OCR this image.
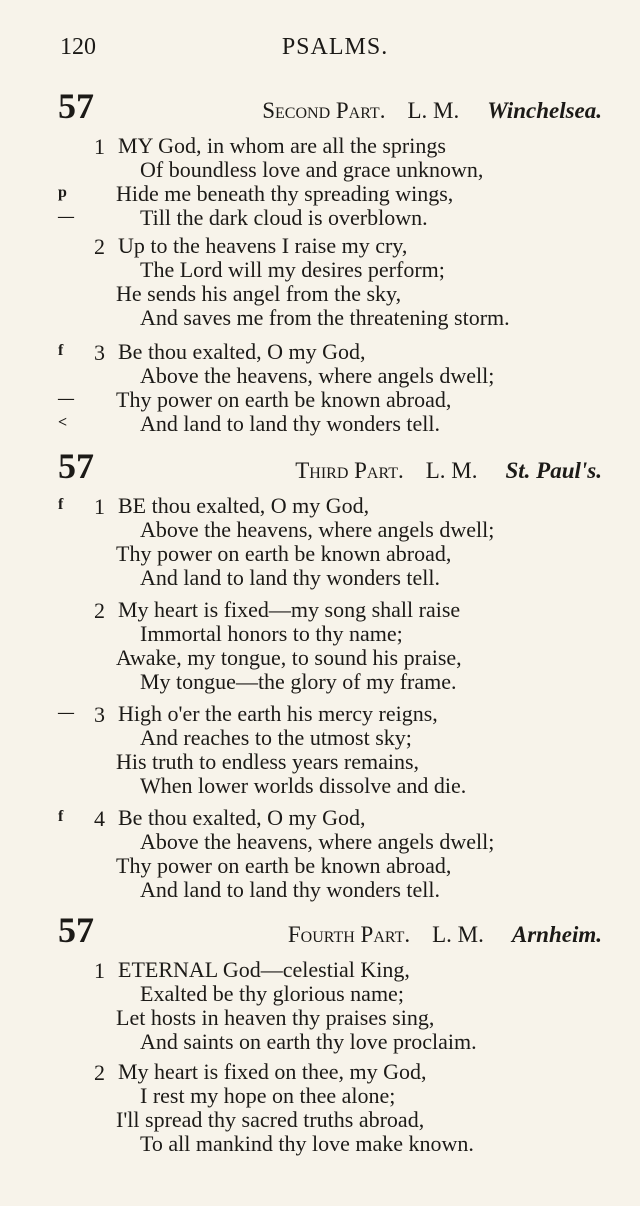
120	PSALMS.
57	Second Part. L. M. Winchelsea.
1 MY God, in whom are all the springs
Of boundless love and grace unknown,
Hide me beneath thy spreading wings,
p
Till the dark cloud is overblown.
—
2 Up to the heavens I raise my cry,
The Lord will my desires perform;
He sends his angel from the sky,
And saves me from the threatening storm.
f 3 Be thou exalted, O my God,
Above the heavens, where angels dwell;
Thy power on earth be known abroad,
—
And land to land thy wonders tell.
<
57	Third Part. L. M. St. Paul's.
f 1 BE thou exalted, O my God,
Above the heavens, where angels dwell;
Thy power on earth be known abroad,
And land to land thy wonders tell.
2 My heart is fixed—my song shall raise
Immortal honors to thy name;
Awake, my tongue, to sound his praise,
My tongue—the glory of my frame.
— 3 High o'er the earth his mercy reigns,
And reaches to the utmost sky;
His truth to endless years remains,
When lower worlds dissolve and die.
f 4 Be thou exalted, O my God,
Above the heavens, where angels dwell;
Thy power on earth be known abroad,
And land to land thy wonders tell.
57	Fourth Part. L. M. Arnheim.
1 ETERNAL God—celestial King,
Exalted be thy glorious name;
Let hosts in heaven thy praises sing,
And saints on earth thy love proclaim.
2 My heart is fixed on thee, my God,
I rest my hope on thee alone;
I'll spread thy sacred truths abroad,
To all mankind thy love make known.
